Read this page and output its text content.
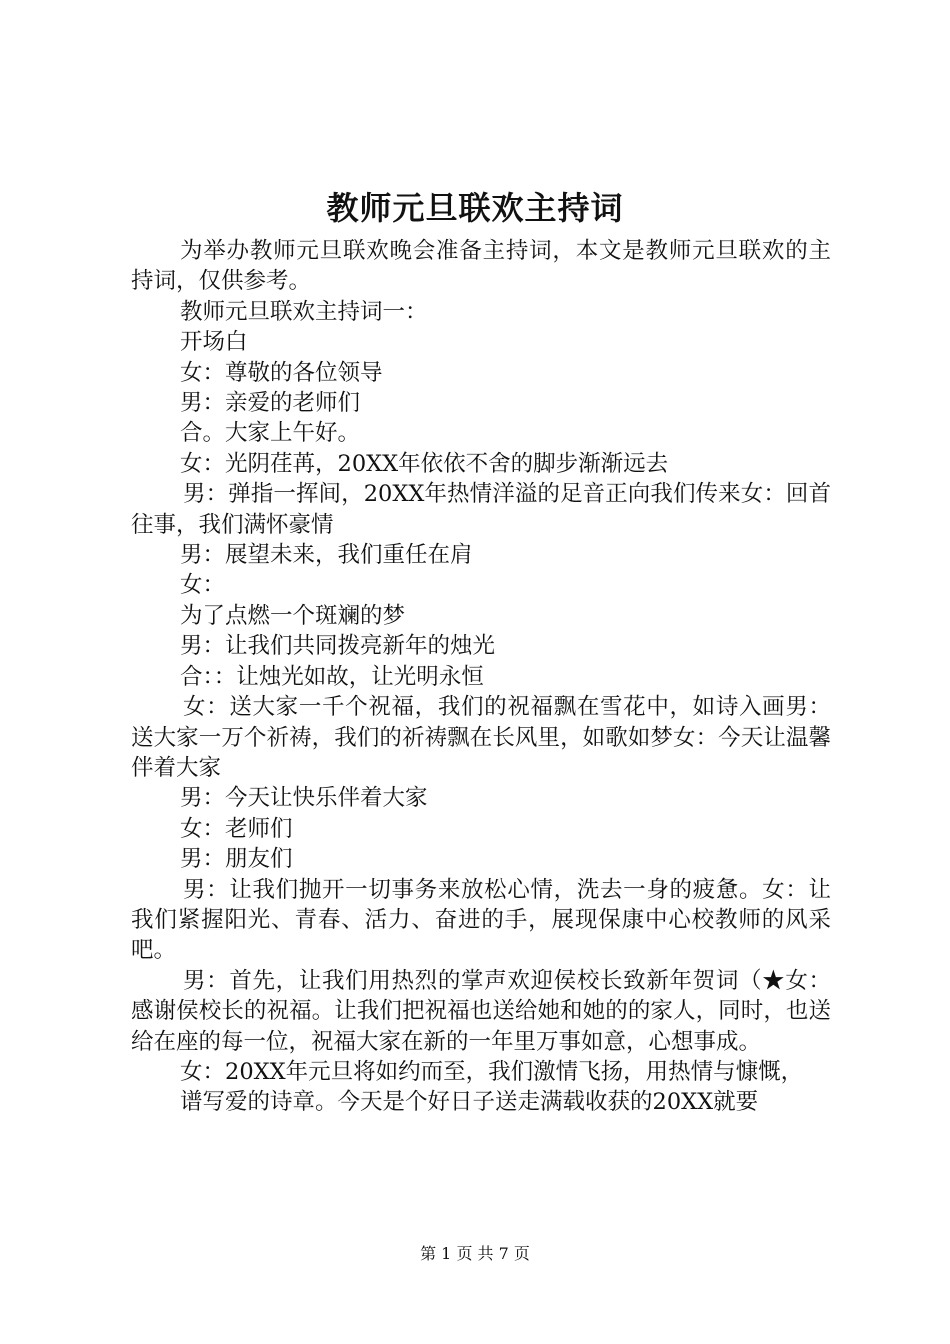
教师元旦联欢主持词

为举办教师元旦联欢晚会准备主持词，本文是教师元旦联欢的主持词，仅供参考。

教师元旦联欢主持词一：

开场白

女：尊敬的各位领导

男：亲爱的老师们

合。大家上午好。

女：光阴荏苒，20XX年依依不舍的脚步渐渐远去

男：弹指一挥间，20XX年热情洋溢的足音正向我们传来女：回首往事，我们满怀豪情

男：展望未来，我们重任在肩

女：

为了点燃一个斑斓的梦

男：让我们共同拨亮新年的烛光

合：：让烛光如故，让光明永恒

女：送大家一千个祝福，我们的祝福飘在雪花中，如诗入画男：送大家一万个祈祷，我们的祈祷飘在长风里，如歌如梦女：今天让温馨伴着大家

男：今天让快乐伴着大家

女：老师们

男：朋友们

男：让我们抛开一切事务来放松心情，洗去一身的疲惫。女：让我们紧握阳光、青春、活力、奋进的手，展现保康中心校教师的风采吧。

男：首先，让我们用热烈的掌声欢迎侯校长致新年贺词（★女：感谢侯校长的祝福。让我们把祝福也送给她和她的的家人，同时，也送给在座的每一位，祝福大家在新的一年里万事如意，心想事成。

女：20XX年元旦将如约而至，我们激情飞扬，用热情与慷慨，

谱写爱的诗章。今天是个好日子送走满载收获的20XX就要

第 1 页 共 7 页
